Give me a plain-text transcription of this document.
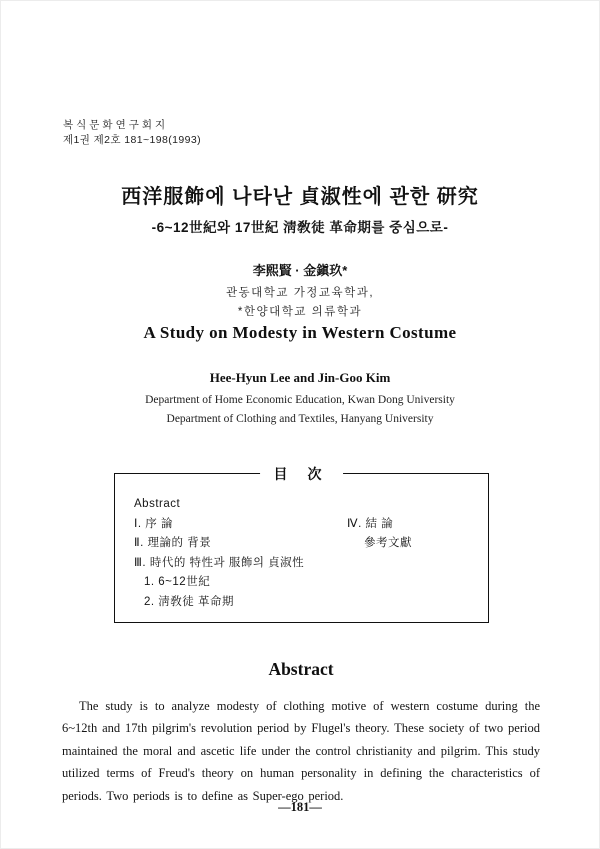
복식문화연구회지
제1권 제2호 181~198(1993)
西洋服飾에 나타난 貞淑性에 관한 研究
-6~12世紀와 17世紀 淸敎徒 革命期를 중심으로-
李熙賢 · 金鎭玖*
관동대학교 가정교육학과,
*한양대학교 의류학과
A Study on Modesty in Western Costume
Hee-Hyun Lee and Jin-Goo Kim
Department of Home Economic Education, Kwan Dong University
Department of Clothing and Textiles, Hanyang University
目 次
Abstract
Ⅰ. 序 論
Ⅱ. 理論的 背景
Ⅲ. 時代的 特性과 服飾의 貞淑性
1. 6~12世紀
2. 淸敎徒 革命期
Ⅳ. 結 論
參考文獻
Abstract

The study is to analyze modesty of clothing motive of western costume during the 6~12th and 17th pilgrim's revolution period by Flugel's theory. These society of two period maintained the moral and ascetic life under the control christianity and pilgrim. This study utilized terms of Freud's theory on human personality in defining the characteristics of periods. Two periods is to define as Super-ego period.

—181—
